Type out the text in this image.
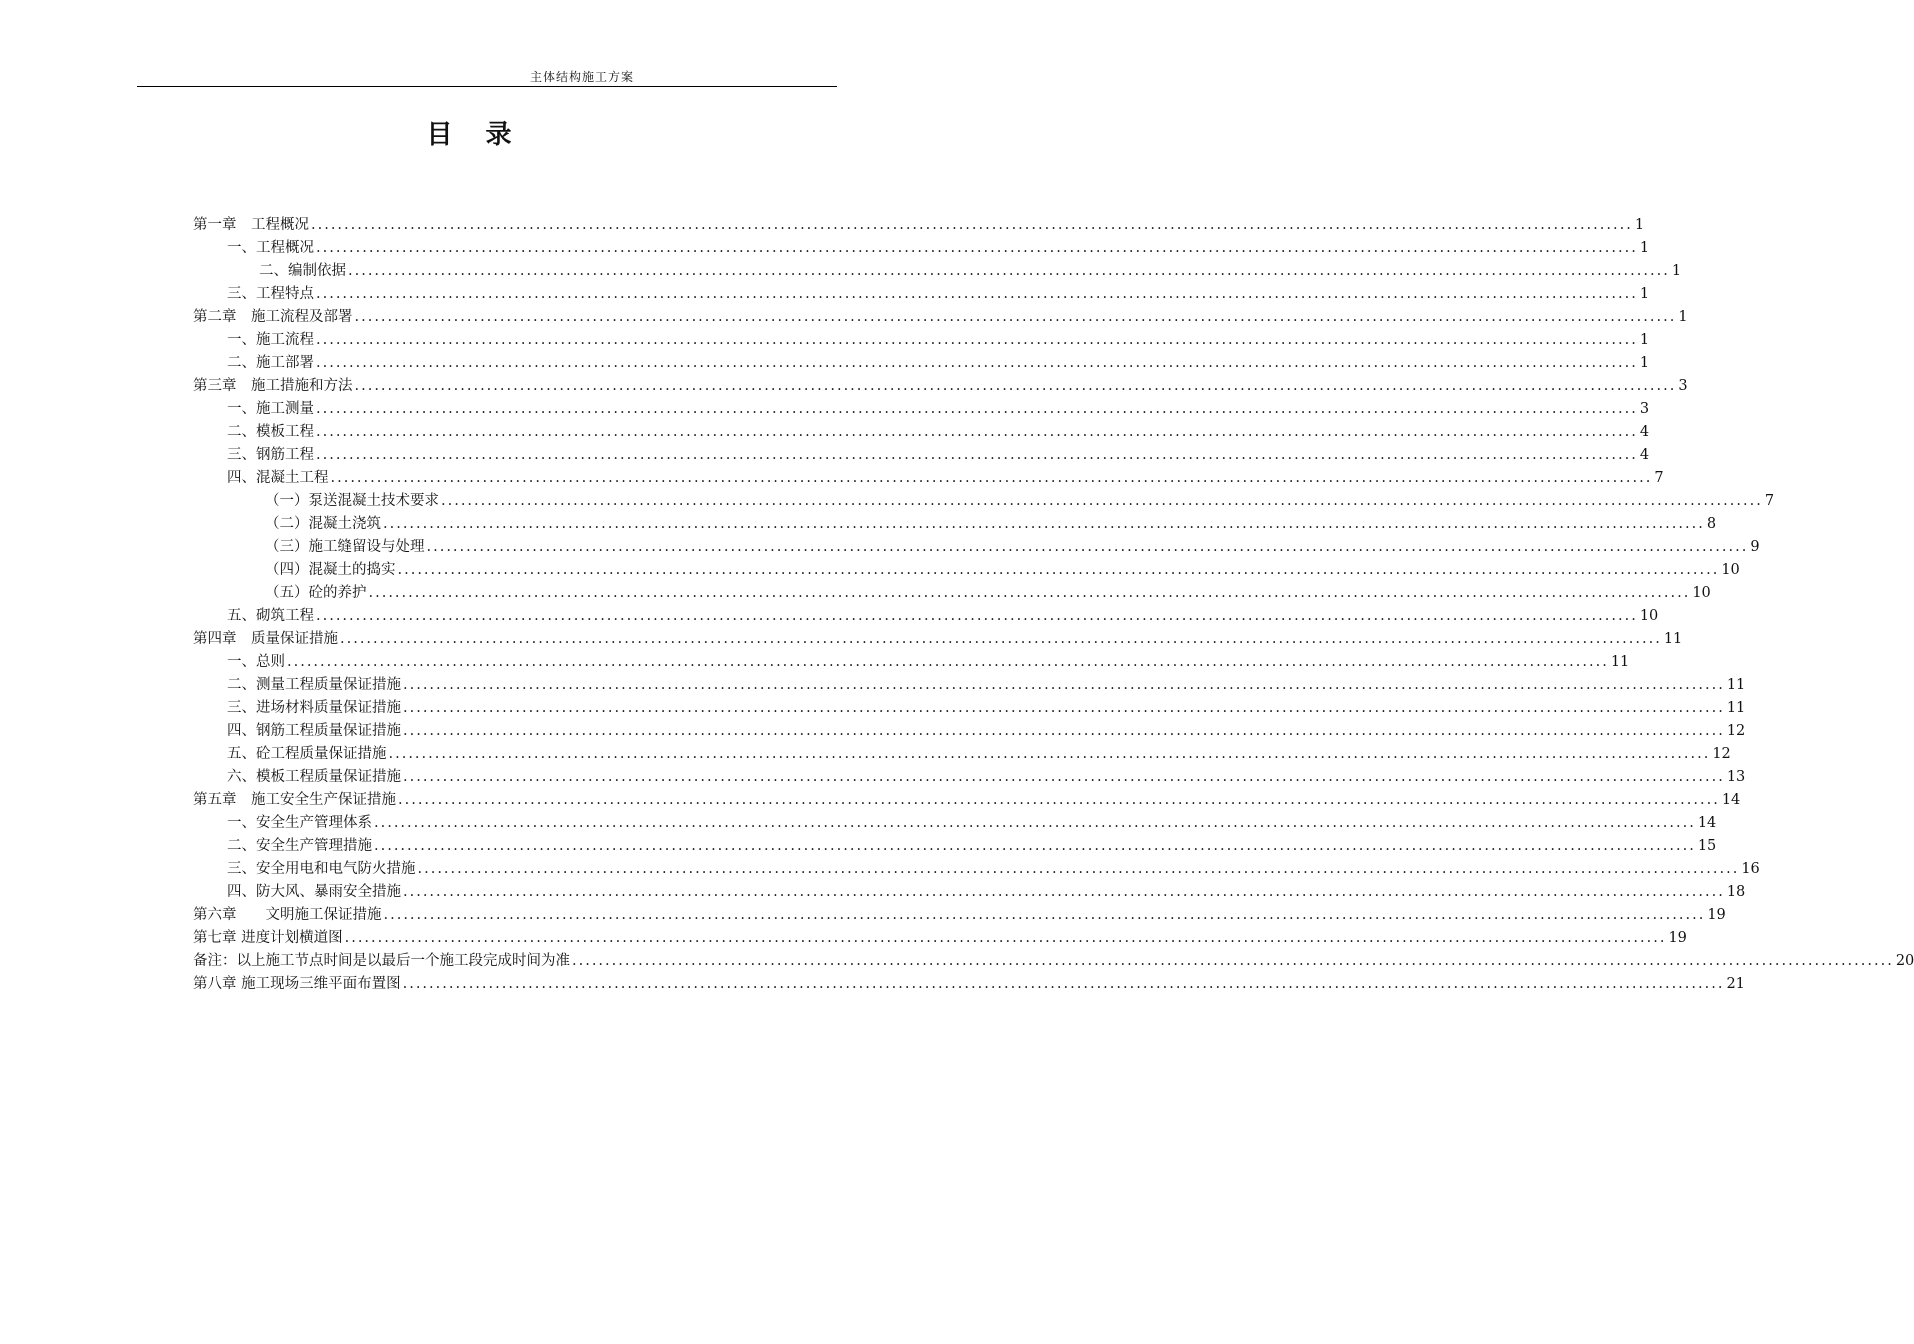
主体结构施工方案
目 录
第一章　工程概况 ........................................................................................................................................................................................................ 1
一、工程概况 ........................................................................................................................................................................................................ 1
二、编制依据 ........................................................................................................................................................................................................ 1
三、工程特点 ........................................................................................................................................................................................................ 1
第二章　施工流程及部署 ........................................................................................................................................................................................................ 1
一、施工流程 ........................................................................................................................................................................................................ 1
二、施工部署 ........................................................................................................................................................................................................ 1
第三章　施工措施和方法 ........................................................................................................................................................................................................ 3
一、施工测量 ........................................................................................................................................................................................................ 3
二、模板工程 ........................................................................................................................................................................................................ 4
三、钢筋工程 ........................................................................................................................................................................................................ 4
四、混凝土工程 ........................................................................................................................................................................................................ 7
（一）泵送混凝土技术要求 ........................................................................................................................................................................................................ 7
（二）混凝土浇筑 ........................................................................................................................................................................................................ 8
（三）施工缝留设与处理 ........................................................................................................................................................................................................ 9
（四）混凝土的捣实 ........................................................................................................................................................................................................ 10
（五）砼的养护 ........................................................................................................................................................................................................ 10
五、砌筑工程 ........................................................................................................................................................................................................ 10
第四章　质量保证措施 ........................................................................................................................................................................................................ 11
一、总则 ........................................................................................................................................................................................................ 11
二、测量工程质量保证措施 ........................................................................................................................................................................................................ 11
三、进场材料质量保证措施 ........................................................................................................................................................................................................ 11
四、钢筋工程质量保证措施 ........................................................................................................................................................................................................ 12
五、砼工程质量保证措施 ........................................................................................................................................................................................................ 12
六、模板工程质量保证措施 ........................................................................................................................................................................................................ 13
第五章　施工安全生产保证措施 ........................................................................................................................................................................................................ 14
一、安全生产管理体系 ........................................................................................................................................................................................................ 14
二、安全生产管理措施 ........................................................................................................................................................................................................ 15
三、安全用电和电气防火措施 ........................................................................................................................................................................................................ 16
四、防大风、暴雨安全措施 ........................................................................................................................................................................................................ 18
第六章　　文明施工保证措施 ........................................................................................................................................................................................................ 19
第七章 进度计划横道图 ........................................................................................................................................................................................................ 19
备注：以上施工节点时间是以最后一个施工段完成时间为准 ........................................................................................................................................................................................................ 20
第八章 施工现场三维平面布置图 ........................................................................................................................................................................................................ 21
